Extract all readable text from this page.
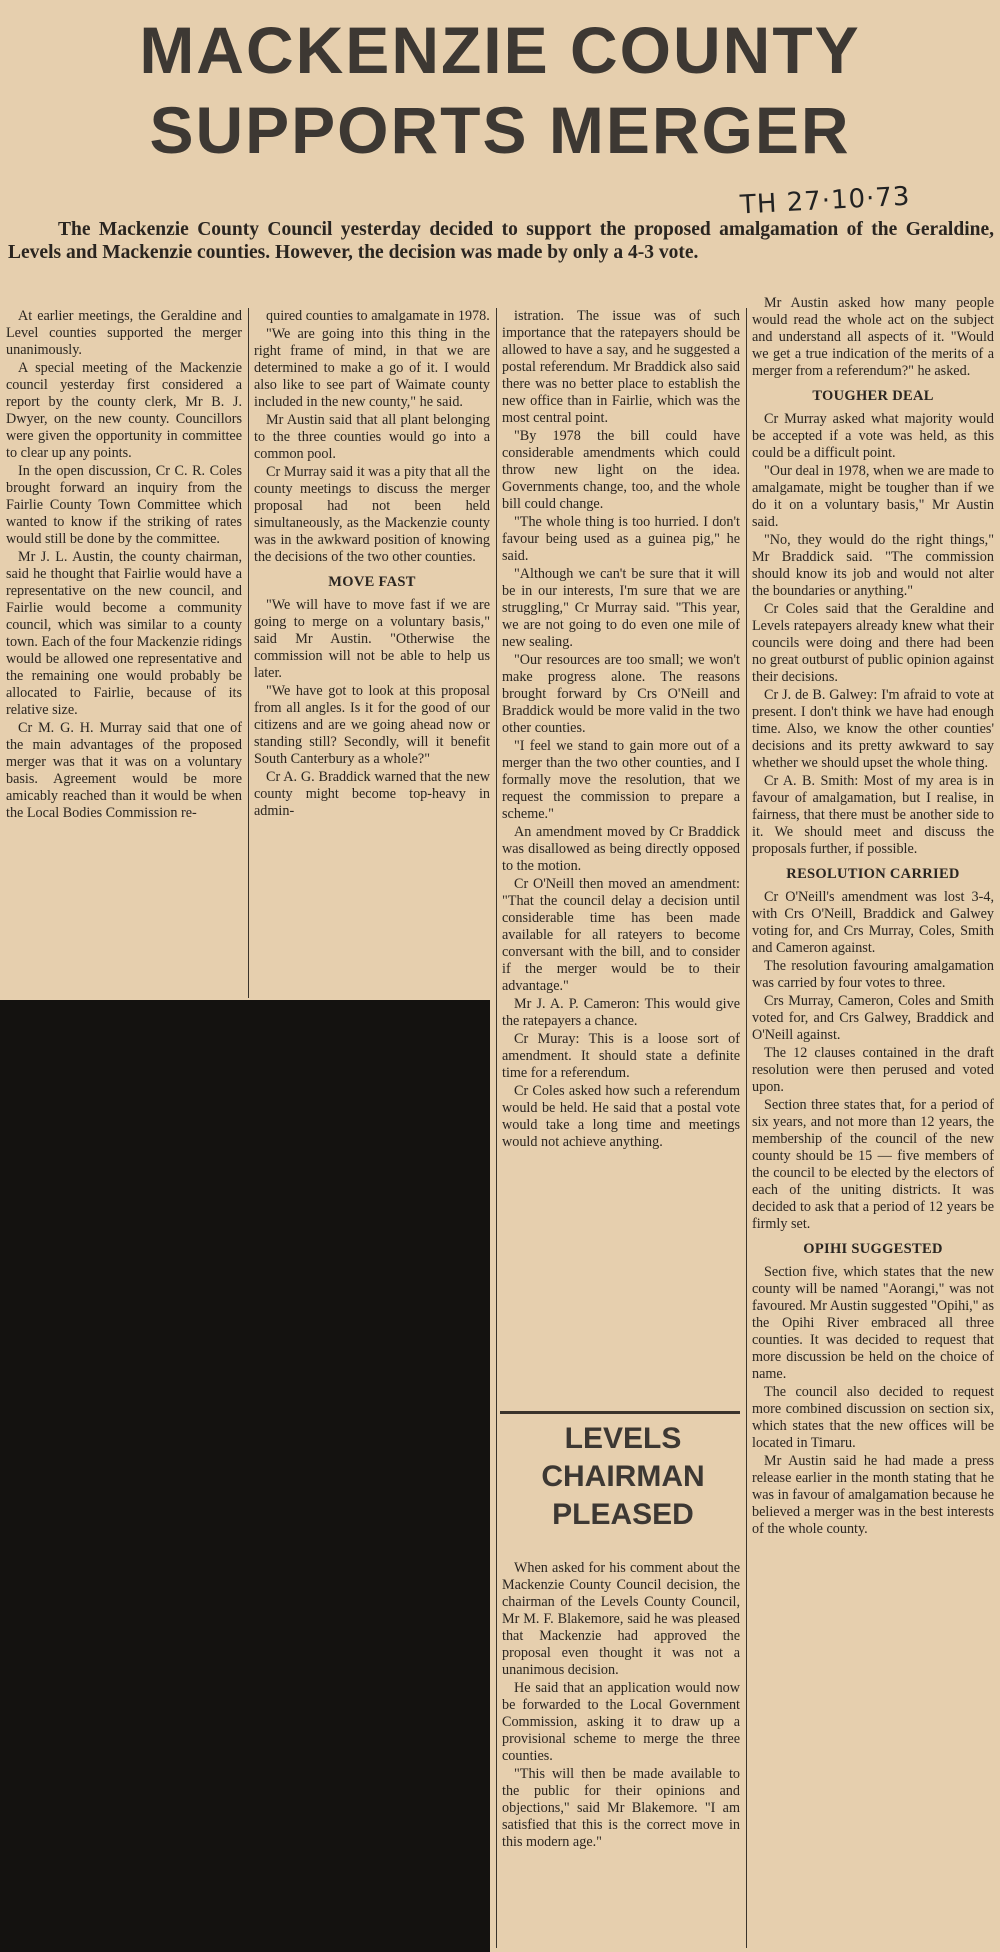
MACKENZIE COUNTY
SUPPORTS MERGER
TH 27·10·73
The Mackenzie County Council yesterday decided to support the proposed amalgamation of the Geraldine, Levels and Mackenzie counties. However, the decision was made by only a 4-3 vote.

At earlier meetings, the Geraldine and Level counties supported the merger unanimously.

A special meeting of the Mackenzie council yesterday first considered a report by the county clerk, Mr B. J. Dwyer, on the new county. Councillors were given the opportunity in committee to clear up any points.

In the open discussion, Cr C. R. Coles brought forward an inquiry from the Fairlie County Town Committee which wanted to know if the striking of rates would still be done by the committee.

Mr J. L. Austin, the county chairman, said he thought that Fairlie would have a representative on the new council, and Fairlie would become a community council, which was similar to a county town. Each of the four Mackenzie ridings would be allowed one representative and the remaining one would probably be allocated to Fairlie, because of its relative size.

Cr M. G. H. Murray said that one of the main advantages of the proposed merger was that it was on a voluntary basis. Agreement would be more amicably reached than it would be when the Local Bodies Commission re-

quired counties to amalgamate in 1978.

"We are going into this thing in the right frame of mind, in that we are determined to make a go of it. I would also like to see part of Waimate county included in the new county," he said.

Mr Austin said that all plant belonging to the three counties would go into a common pool.

Cr Murray said it was a pity that all the county meetings to discuss the merger proposal had not been held simultaneously, as the Mackenzie county was in the awkward position of knowing the decisions of the two other counties.

MOVE FAST

"We will have to move fast if we are going to merge on a voluntary basis," said Mr Austin. "Otherwise the commission will not be able to help us later.

"We have got to look at this proposal from all angles. Is it for the good of our citizens and are we going ahead now or standing still? Secondly, will it benefit South Canterbury as a whole?"

Cr A. G. Braddick warned that the new county might become top-heavy in admin-

istration. The issue was of such importance that the ratepayers should be allowed to have a say, and he suggested a postal referendum. Mr Braddick also said there was no better place to establish the new office than in Fairlie, which was the most central point.

"By 1978 the bill could have considerable amendments which could throw new light on the idea. Governments change, too, and the whole bill could change.

"The whole thing is too hurried. I don't favour being used as a guinea pig," he said.

"Although we can't be sure that it will be in our interests, I'm sure that we are struggling," Cr Murray said. "This year, we are not going to do even one mile of new sealing.

"Our resources are too small; we won't make progress alone. The reasons brought forward by Crs O'Neill and Braddick would be more valid in the two other counties.

"I feel we stand to gain more out of a merger than the two other counties, and I formally move the resolution, that we request the commission to prepare a scheme."

An amendment moved by Cr Braddick was disallowed as being directly opposed to the motion.

Cr O'Neill then moved an amendment: "That the council delay a decision until considerable time has been made available for all rateyers to become conversant with the bill, and to consider if the merger would be to their advantage."

Mr J. A. P. Cameron: This would give the ratepayers a chance.

Cr Muray: This is a loose sort of amendment. It should state a definite time for a referendum.

Cr Coles asked how such a referendum would be held. He said that a postal vote would take a long time and meetings would not achieve anything.

LEVELS
CHAIRMAN
PLEASED

When asked for his comment about the Mackenzie County Council decision, the chairman of the Levels County Council, Mr M. F. Blakemore, said he was pleased that Mackenzie had approved the proposal even thought it was not a unanimous decision.

He said that an application would now be forwarded to the Local Government Commission, asking it to draw up a provisional scheme to merge the three counties.

"This will then be made available to the public for their opinions and objections," said Mr Blakemore. "I am satisfied that this is the correct move in this modern age."

Mr Austin asked how many people would read the whole act on the subject and understand all aspects of it. "Would we get a true indication of the merits of a merger from a referendum?" he asked.

TOUGHER DEAL

Cr Murray asked what majority would be accepted if a vote was held, as this could be a difficult point.

"Our deal in 1978, when we are made to amalgamate, might be tougher than if we do it on a voluntary basis," Mr Austin said.

"No, they would do the right things," Mr Braddick said. "The commission should know its job and would not alter the boundaries or anything."

Cr Coles said that the Geraldine and Levels ratepayers already knew what their councils were doing and there had been no great outburst of public opinion against their decisions.

Cr J. de B. Galwey: I'm afraid to vote at present. I don't think we have had enough time. Also, we know the other counties' decisions and its pretty awkward to say whether we should upset the whole thing.

Cr A. B. Smith: Most of my area is in favour of amalgamation, but I realise, in fairness, that there must be another side to it. We should meet and discuss the proposals further, if possible.

RESOLUTION CARRIED

Cr O'Neill's amendment was lost 3-4, with Crs O'Neill, Braddick and Galwey voting for, and Crs Murray, Coles, Smith and Cameron against.

The resolution favouring amalgamation was carried by four votes to three.

Crs Murray, Cameron, Coles and Smith voted for, and Crs Galwey, Braddick and O'Neill against.

The 12 clauses contained in the draft resolution were then perused and voted upon.

Section three states that, for a period of six years, and not more than 12 years, the membership of the council of the new county should be 15 — five members of the council to be elected by the electors of each of the uniting districts. It was decided to ask that a period of 12 years be firmly set.

OPIHI SUGGESTED

Section five, which states that the new county will be named "Aorangi," was not favoured. Mr Austin suggested "Opihi," as the Opihi River embraced all three counties. It was decided to request that more discussion be held on the choice of name.

The council also decided to request more combined discussion on section six, which states that the new offices will be located in Timaru.

Mr Austin said he had made a press release earlier in the month stating that he was in favour of amalgamation because he believed a merger was in the best interests of the whole county.
